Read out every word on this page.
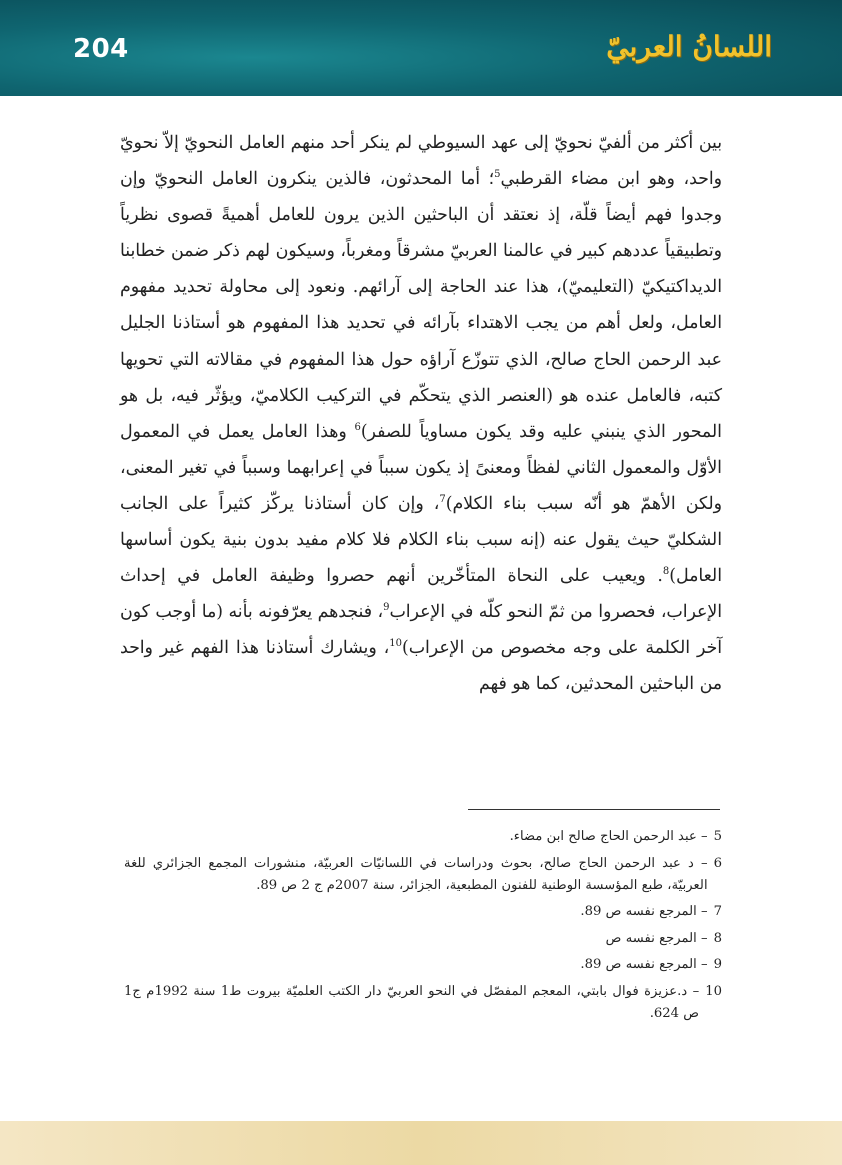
204	اللسانُ العربيّ

بين أكثر من ألفيّ نحويّ إلى عهد السيوطي لم ينكر أحد منهم العامل النحويّ إلاّ نحويّ واحد، وهو ابن مضاء القرطبي$^5$؛ أما المحدثون، فالذين ينكرون العامل النحويّ وإن وجدوا فهم أيضاً قلّة، إذ نعتقد أن الباحثين الذين يرون للعامل أهميةً قصوى نظرياً وتطبيقياً عددهم كبير في عالمنا العربيّ مشرقاً ومغرباً، وسيكون لهم ذكر ضمن خطابنا الديداكتيكيّ (التعليميّ)، هذا عند الحاجة إلى آرائهم. ونعود إلى محاولة تحديد مفهوم العامل، ولعل أهم من يجب الاهتداء بآرائه في تحديد هذا المفهوم هو أستاذنا الجليل عبد الرحمن الحاج صالح، الذي تتوزّع آراؤه حول هذا المفهوم في مقالاته التي تحويها كتبه، فالعامل عنده هو (العنصر الذي يتحكّم في التركيب الكلاميّ، ويؤثّر فيه، بل هو المحور الذي ينبني عليه وقد يكون مساوياً للصفر)$^6$ وهذا العامل يعمل في المعمول الأوّل والمعمول الثاني لفظاً ومعنىً إذ يكون سبباً في إعرابهما وسبباً في تغير المعنى، ولكن الأهمّ هو أنّه سبب بناء الكلام)$^7$، وإن كان أستاذنا يركّز كثيراً على الجانب الشكليّ حيث يقول عنه (إنه سبب بناء الكلام فلا كلام مفيد بدون بنية يكون أساسها العامل)$^8$. ويعيب على النحاة المتأخّرين أنهم حصروا وظيفة العامل في إحداث الإعراب، فحصروا من ثمّ النحو كلّه في الإعراب$^9$، فنجدهم يعرّفونه بأنه (ما أوجب كون آخر الكلمة على وجه مخصوص من الإعراب)$^{10}$، ويشارك أستاذنا هذا الفهم غير واحد من الباحثين المحدثين، كما هو فهم

5
– عبد الرحمن الحاج صالح ابن مضاء.
6
– د عبد الرحمن الحاج صالح، بحوث ودراسات في اللسانيّات العربيّة، منشورات المجمع الجزائري للغة العربيّة، طبع المؤسسة الوطنية للفنون المطبعية، الجزائر، سنة 2007م ج 2 ص 89.
7
– المرجع نفسه ص 89.
8
– المرجع نفسه ص
9
– المرجع نفسه ص 89.
10
– د.عزيزة فوال بابتي، المعجم المفصّل في النحو العربيّ دار الكتب العلميّة بيروت ط1 سنة 1992م ج1 ص 624.
